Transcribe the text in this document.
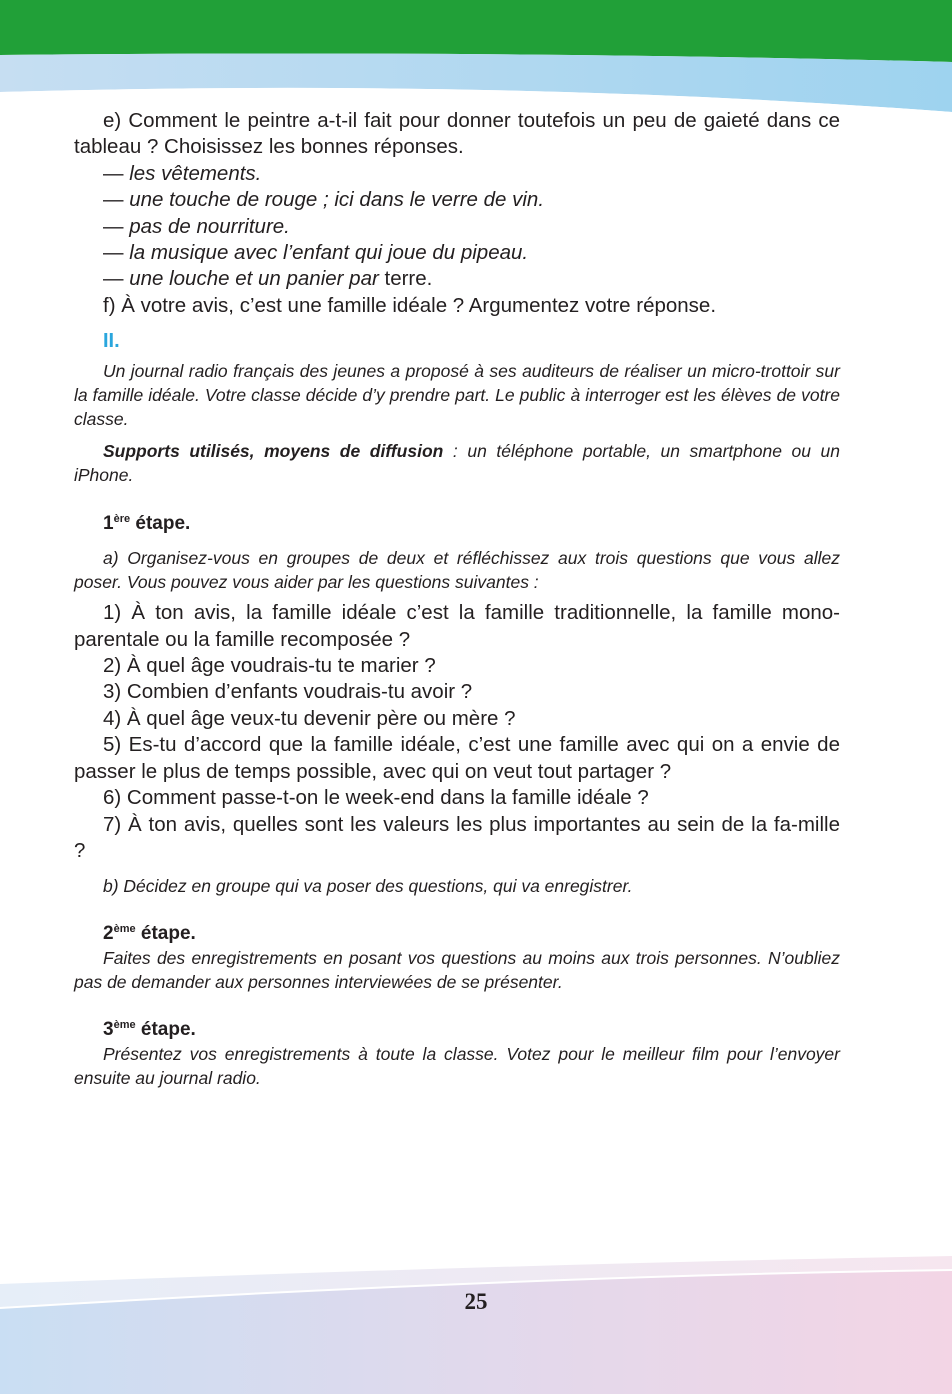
e) Comment le peintre a-t-il fait pour donner toutefois un peu de gaieté dans ce tableau ? Choisissez les bonnes réponses.

— les vêtements.

— une touche de rouge ; ici dans le verre de vin.

— pas de nourriture.

— la musique avec l’enfant qui joue du pipeau.

— une louche et un panier par terre.

f) À votre avis, c’est une famille idéale ? Argumentez votre réponse.

II.

Un journal radio français des jeunes a proposé à ses auditeurs de réaliser un micro-trottoir sur la famille idéale. Votre classe décide d’y prendre part. Le public à interroger est les élèves de votre classe.

Supports utilisés, moyens de diffusion : un téléphone portable, un smartphone ou un iPhone.

1ère étape.

a) Organisez-vous en groupes de deux et réfléchissez aux trois questions que vous allez poser. Vous pouvez vous aider par les questions suivantes :

1) À ton avis, la famille idéale c’est la famille traditionnelle, la famille mono-parentale ou la famille recomposée ?

2) À quel âge voudrais-tu te marier ?

3) Combien d’enfants voudrais-tu avoir ?

4) À quel âge veux-tu devenir père ou mère ?

5) Es-tu d’accord que la famille idéale, c’est une famille avec qui on a envie de passer le plus de temps possible, avec qui on veut tout partager ?

6) Comment passe-t-on le week-end dans la famille idéale ?

7) À ton avis, quelles sont les valeurs les plus importantes au sein de la fa-mille ?

b) Décidez en groupe qui va poser des questions, qui va enregistrer.

2ème étape.

Faites des enregistrements en posant vos questions au moins aux trois personnes. N’oubliez pas de demander aux personnes interviewées de se présenter.

3ème étape.

Présentez vos enregistrements à toute la classe. Votez pour le meilleur film pour l’envoyer ensuite au journal radio.

25
